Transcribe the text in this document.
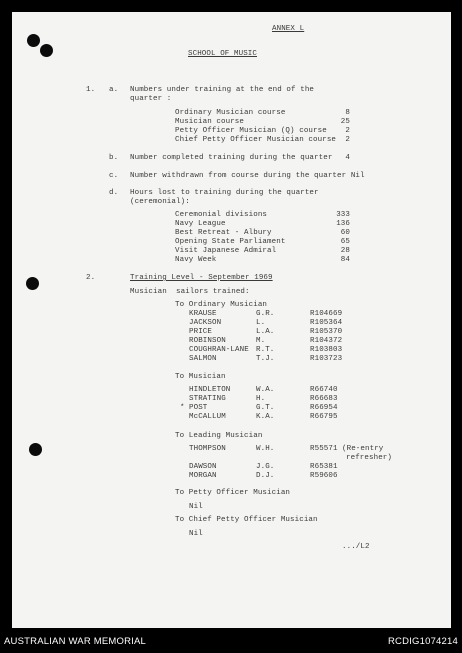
ANNEX L
SCHOOL OF MUSIC
1. a. Numbers under training at the end of the
quarter :
Ordinary Musician course	8
Musician course	25
Petty Officer Musician (Q) course	2
Chief Petty Officer Musician course	2
b. Number completed training during the quarter	4
c. Number withdrawn from course during the quarter Nil
d. Hours lost to training during the quarter
(ceremonial):
Ceremonial divisions	333
Navy League	136
Best Retreat - Albury	60
Opening State Parliament	65
Visit Japanese Admiral	28
Navy Week	84
2.	Training Level - September 1969
Musician  sailors trained:
To Ordinary Musician
KRAUSE	G.R.	R104669
JACKSON	L.	R105364
PRICE	L.A.	R105370
ROBINSON	M.	R104372
COUGHRAN-LANE R.T.	R103803
SALMON	T.J.	R103723
To Musician
HINDLETON	W.A.	R66740
STRATING	H.	R66683
* POST	G.T.	R66954
McCALLUM	K.A.	R66795
To Leading Musician
THOMPSON	W.H.	R55571 (Re-entry
refresher)
DAWSON	J.G.	R65381
MORGAN	D.J.	R59606
To Petty Officer Musician
Nil
To Chief Petty Officer Musician
Nil
.../L2
AUSTRALIAN WAR MEMORIAL	RCDIG1074214
